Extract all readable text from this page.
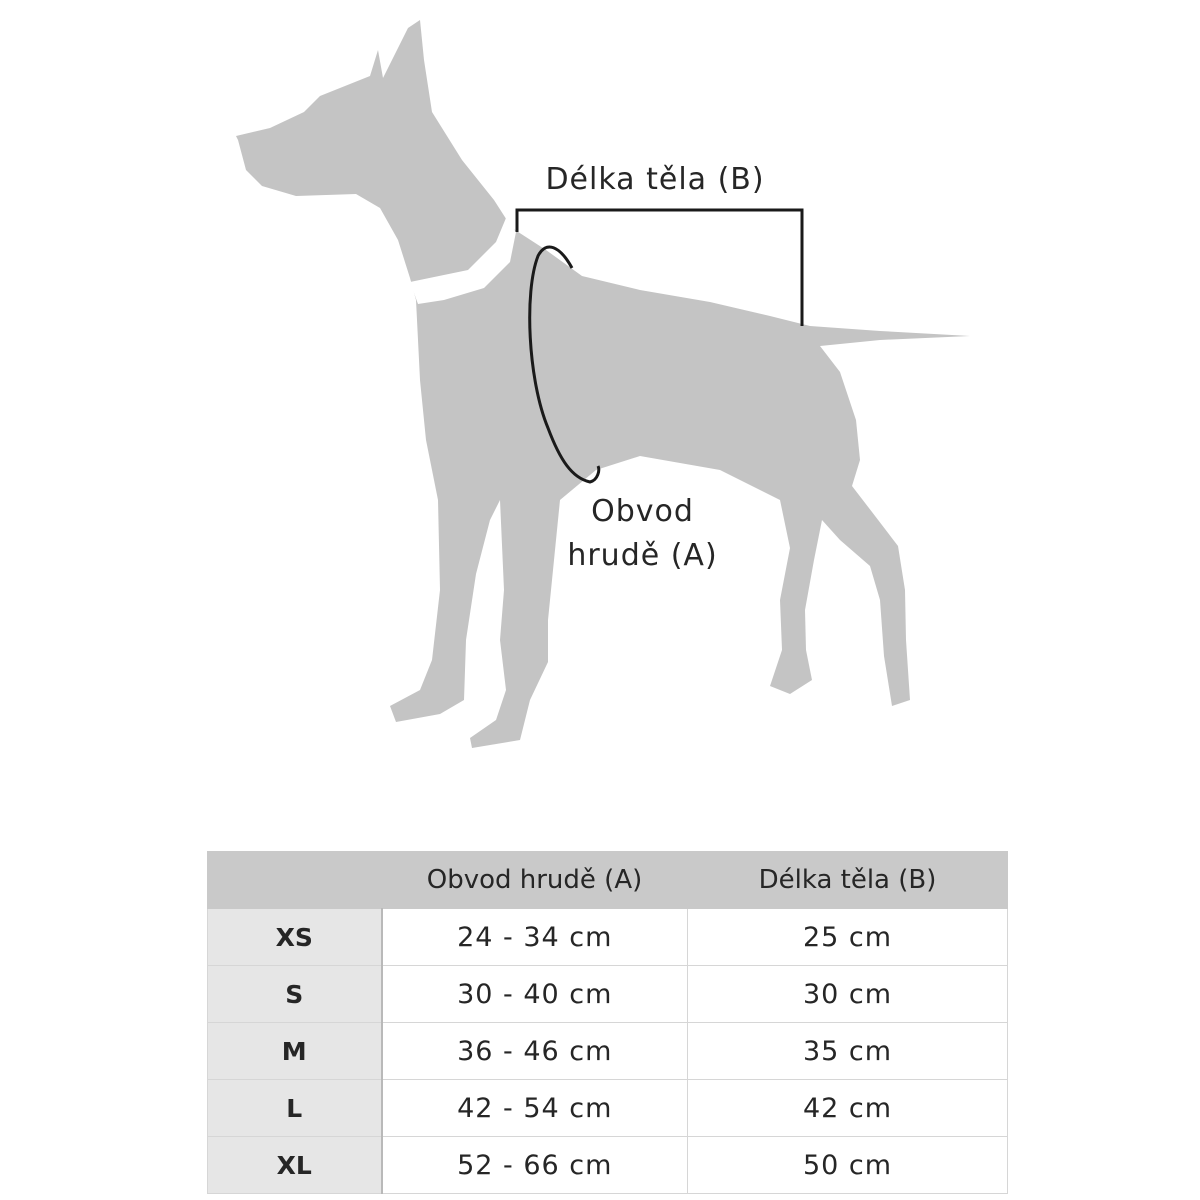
Délka těla (B)
Obvod
hrudě (A)
	Obvod hrudě (A)	Délka těla (B)
XS	24 - 34 cm	25 cm
S	30 - 40 cm	30 cm
M	36 - 46 cm	35 cm
L	42 - 54 cm	42 cm
XL	52 - 66 cm	50 cm
